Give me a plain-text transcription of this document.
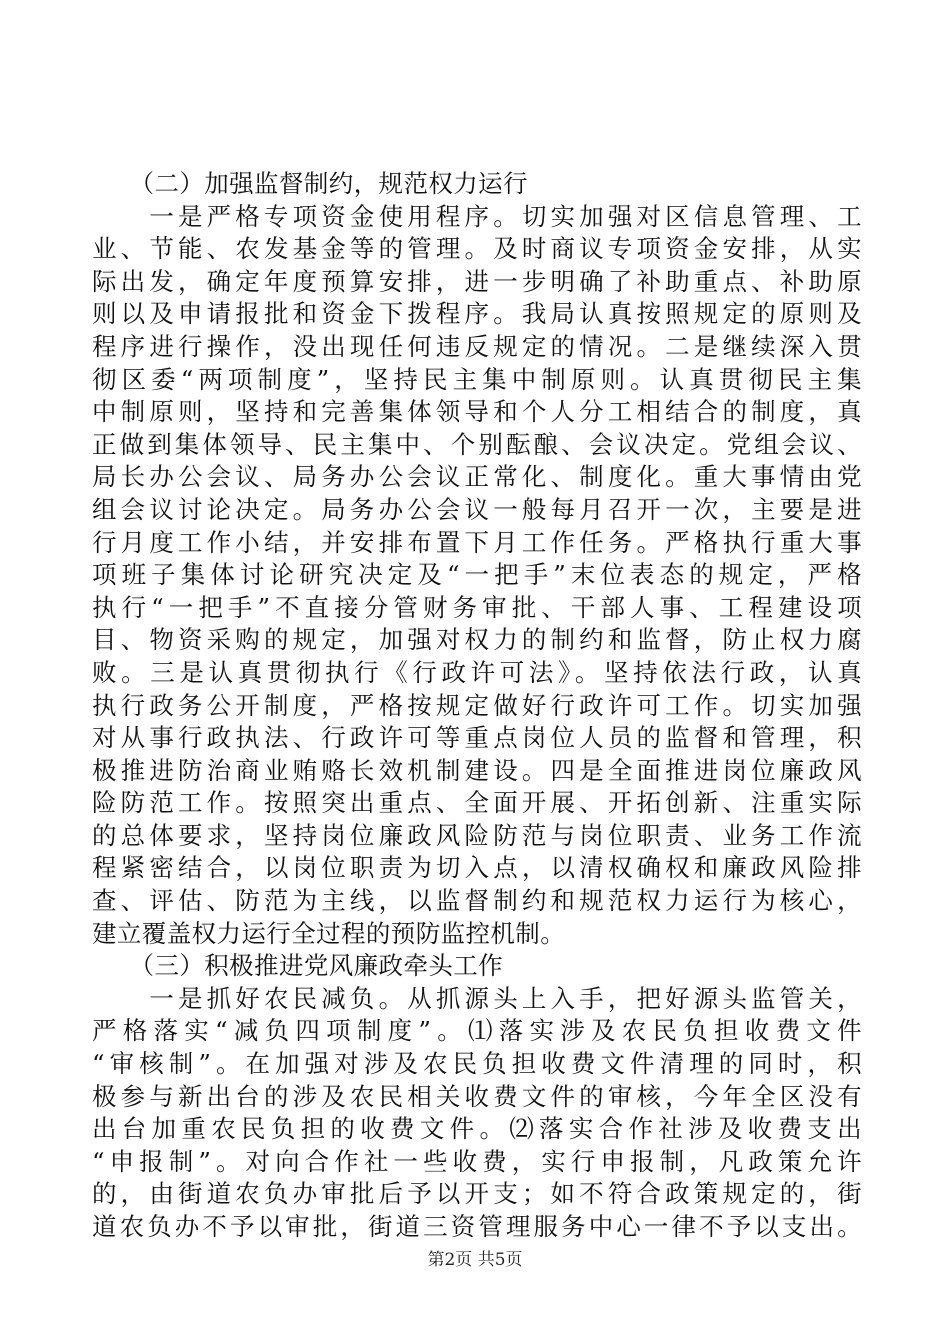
　　（二）加强监督制约，规范权力运行
　　一是严格专项资金使用程序。切实加强对区信息管理、工
业、节能、农发基金等的管理。及时商议专项资金安排，从实
际出发，确定年度预算安排，进一步明确了补助重点、补助原
则以及申请报批和资金下拨程序。我局认真按照规定的原则及
程序进行操作，没出现任何违反规定的情况。二是继续深入贯
彻区委“两项制度”，坚持民主集中制原则。认真贯彻民主集
中制原则，坚持和完善集体领导和个人分工相结合的制度，真
正做到集体领导、民主集中、个别酝酿、会议决定。党组会议、
局长办公会议、局务办公会议正常化、制度化。重大事情由党
组会议讨论决定。局务办公会议一般每月召开一次，主要是进
行月度工作小结，并安排布置下月工作任务。严格执行重大事
项班子集体讨论研究决定及“一把手”末位表态的规定，严格
执行“一把手”不直接分管财务审批、干部人事、工程建设项
目、物资采购的规定，加强对权力的制约和监督，防止权力腐
败。三是认真贯彻执行《行政许可法》。坚持依法行政，认真
执行政务公开制度，严格按规定做好行政许可工作。切实加强
对从事行政执法、行政许可等重点岗位人员的监督和管理，积
极推进防治商业贿赂长效机制建设。四是全面推进岗位廉政风
险防范工作。按照突出重点、全面开展、开拓创新、注重实际
的总体要求，坚持岗位廉政风险防范与岗位职责、业务工作流
程紧密结合，以岗位职责为切入点，以清权确权和廉政风险排
查、评估、防范为主线，以监督制约和规范权力运行为核心，
建立覆盖权力运行全过程的预防监控机制。
　　（三）积极推进党风廉政牵头工作
　　一是抓好农民减负。从抓源头上入手，把好源头监管关，
严格落实“减负四项制度”。⑴落实涉及农民负担收费文件
“审核制”。在加强对涉及农民负担收费文件清理的同时，积
极参与新出台的涉及农民相关收费文件的审核，今年全区没有
出台加重农民负担的收费文件。⑵落实合作社涉及收费支出
“申报制”。对向合作社一些收费，实行申报制，凡政策允许
的，由街道农负办审批后予以开支；如不符合政策规定的，街
道农负办不予以审批，街道三资管理服务中心一律不予以支出。
第2页 共5页
